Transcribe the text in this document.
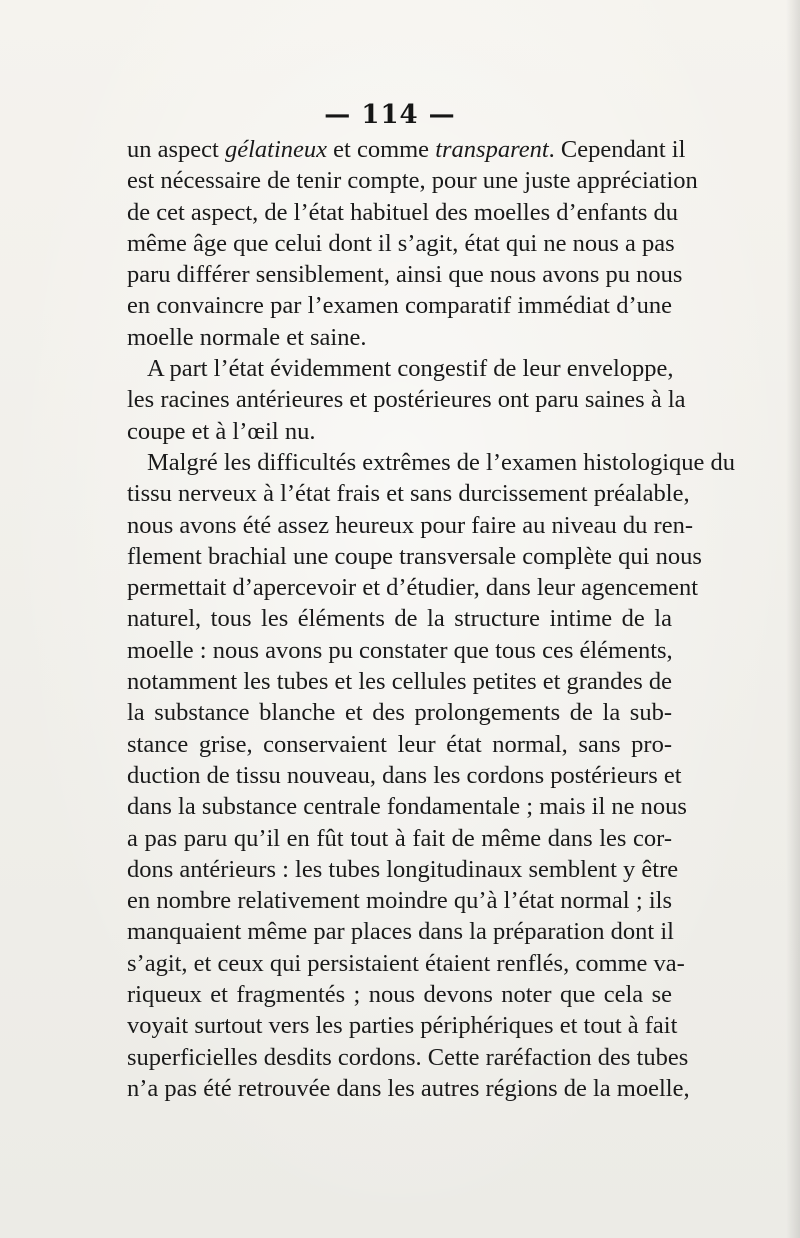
— 114 —
un aspect gélatineux et comme transparent. Cependant il
est nécessaire de tenir compte, pour une juste appréciation
de cet aspect, de l’état habituel des moelles d’enfants du
même âge que celui dont il s’agit, état qui ne nous a pas
paru différer sensiblement, ainsi que nous avons pu nous
en convaincre par l’examen comparatif immédiat d’une
moelle normale et saine.
A part l’état évidemment congestif de leur enveloppe,
les racines antérieures et postérieures ont paru saines à la
coupe et à l’œil nu.
Malgré les difficultés extrêmes de l’examen histologique du
tissu nerveux à l’état frais et sans durcissement préalable,
nous avons été assez heureux pour faire au niveau du ren-
flement brachial une coupe transversale complète qui nous
permettait d’apercevoir et d’étudier, dans leur agencement
naturel, tous les éléments de la structure intime de la
moelle : nous avons pu constater que tous ces éléments,
notamment les tubes et les cellules petites et grandes de
la substance blanche et des prolongements de la sub-
stance grise, conservaient leur état normal, sans pro-
duction de tissu nouveau, dans les cordons postérieurs et
dans la substance centrale fondamentale ; mais il ne nous
a pas paru qu’il en fût tout à fait de même dans les cor-
dons antérieurs : les tubes longitudinaux semblent y être
en nombre relativement moindre qu’à l’état normal ; ils
manquaient même par places dans la préparation dont il
s’agit, et ceux qui persistaient étaient renflés, comme va-
riqueux et fragmentés ; nous devons noter que cela se
voyait surtout vers les parties périphériques et tout à fait
superficielles desdits cordons. Cette raréfaction des tubes
n’a pas été retrouvée dans les autres régions de la moelle,
